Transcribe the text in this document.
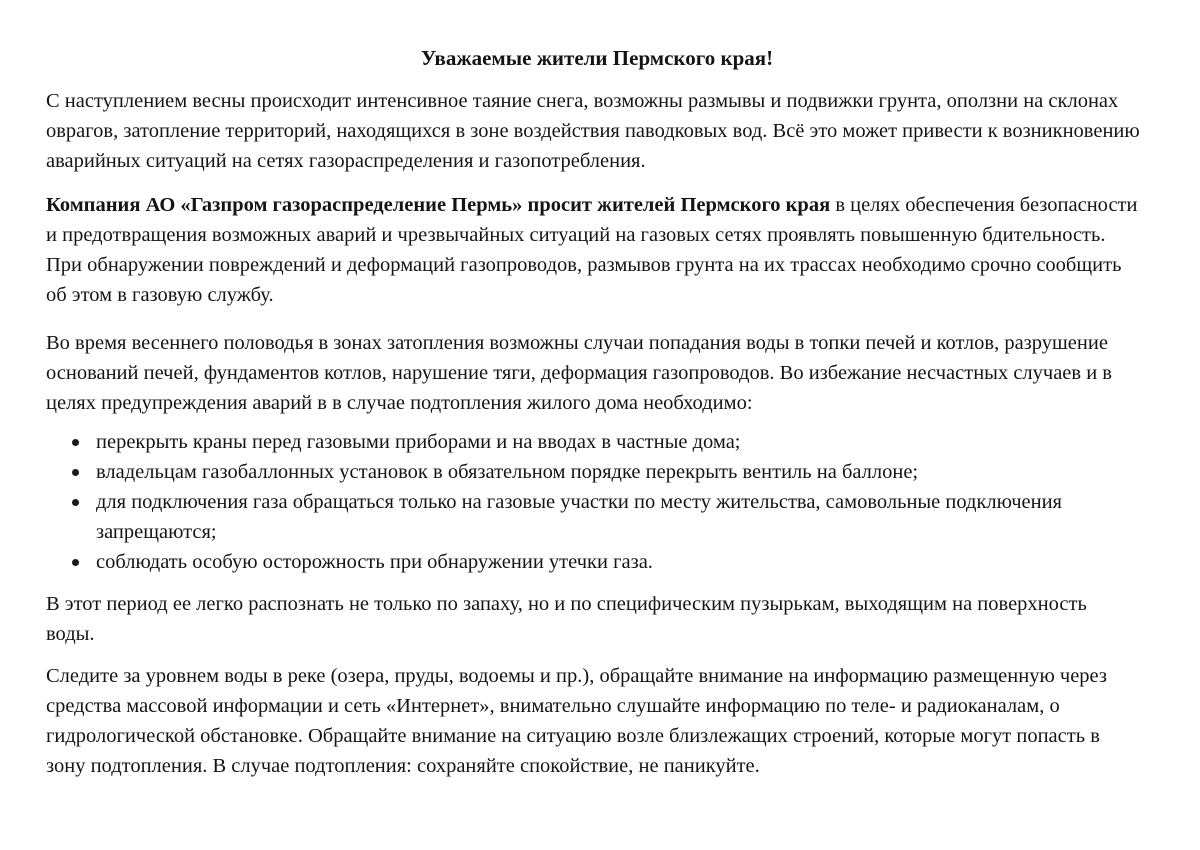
Уважаемые жители Пермского края!

С наступлением весны происходит интенсивное таяние снега, возможны размывы и подвижки грунта, оползни на склонах оврагов, затопление территорий, находящихся в зоне воздействия паводковых вод. Всё это может привести к возникновению аварийных ситуаций на сетях газораспределения и газопотребления.

Компания АО «Газпром газораспределение Пермь» просит жителей Пермского края в целях обеспечения безопасности и предотвращения возможных аварий и чрезвычайных ситуаций на газовых сетях проявлять повышенную бдительность. При обнаружении повреждений и деформаций газопроводов, размывов грунта на их трассах необходимо срочно сообщить об этом в газовую службу.

Во время весеннего половодья в зонах затопления возможны случаи попадания воды в топки печей и котлов, разрушение оснований печей, фундаментов котлов, нарушение тяги, деформация газопроводов. Во избежание несчастных случаев и в целях предупреждения аварий в в случае подтопления жилого дома необходимо:

перекрыть краны перед газовыми приборами и на вводах в частные дома;
владельцам газобаллонных установок в обязательном порядке перекрыть вентиль на баллоне;
для подключения газа обращаться только на газовые участки по месту жительства, самовольные подключения запрещаются;
соблюдать особую осторожность при обнаружении утечки газа.

В этот период ее легко распознать не только по запаху, но и по специфическим пузырькам, выходящим на поверхность воды.

Следите за уровнем воды в реке (озера, пруды, водоемы и пр.), обращайте внимание на информацию размещенную через средства массовой информации и сеть «Интернет», внимательно слушайте информацию по теле- и радиоканалам, о гидрологической обстановке. Обращайте внимание на ситуацию возле близлежащих строений, которые могут попасть в зону подтопления. В случае подтопления: сохраняйте спокойствие, не паникуйте.
